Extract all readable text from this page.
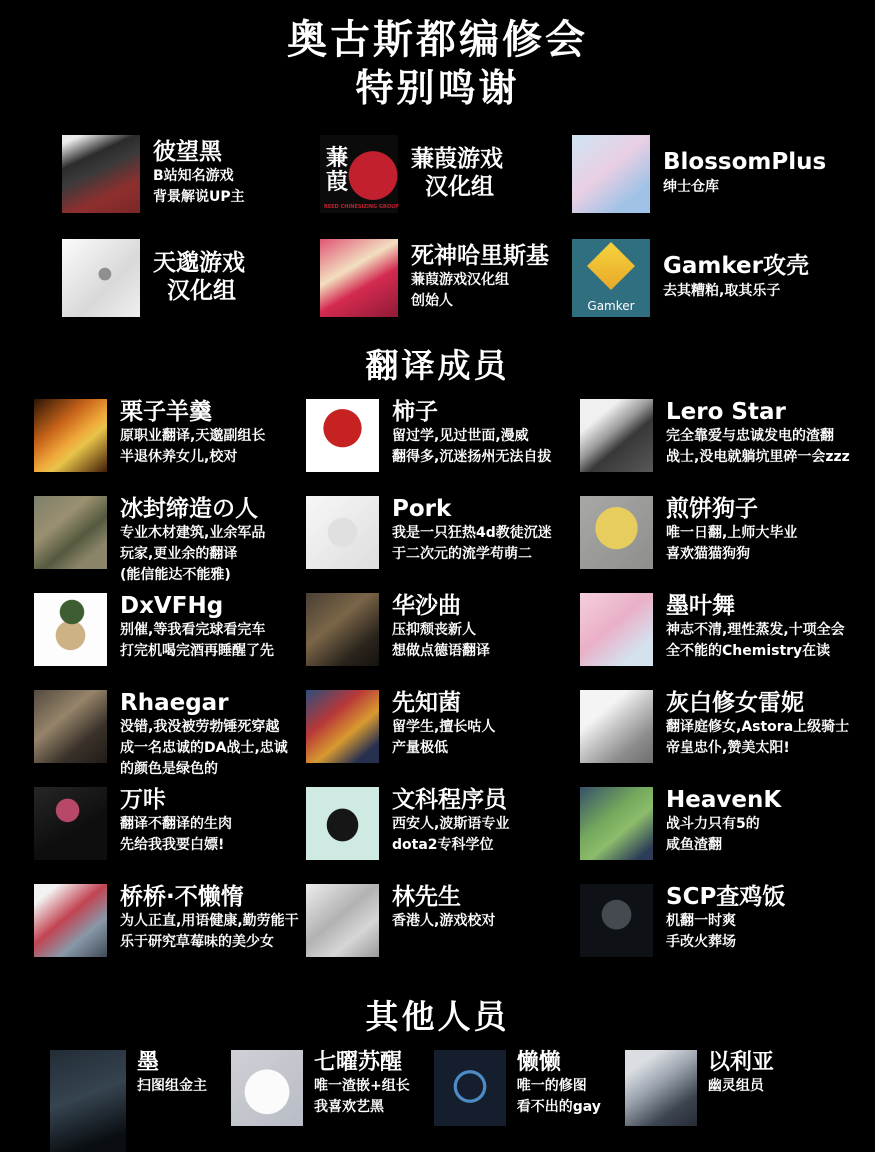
奥古斯都编修会
特别鸣谢
彼望黑
B站知名游戏
背景解说UP主
蒹葭
REED CHINESIZING GROUP
蒹葭游戏
汉化组
BlossomPlus
绅士仓库
天邈游戏
汉化组
死神哈里斯基
蒹葭游戏汉化组
创始人	Gamker
Gamker攻壳
去其糟粕,取其乐子
翻译成员
栗子羊羹
原职业翻译,天邈副组长
半退休养女儿,校对
柿子
留过学,见过世面,漫威
翻得多,沉迷扬州无法自拔
Lero Star
完全靠爱与忠诚发电的渣翻
战士,没电就躺坑里碎一会zzz
冰封缔造の人
专业木材建筑,业余军品
玩家,更业余的翻译
(能信能达不能雅)
Pork
我是一只狂热4d教徒沉迷
于二次元的流学苟萌二
煎饼狗子
唯一日翻,上师大毕业
喜欢猫猫狗狗
DxVFHg
别催,等我看完球看完车
打完机喝完酒再睡醒了先
华沙曲
压抑颓丧新人
想做点德语翻译
墨叶舞
神志不清,理性蒸发,十项全会
全不能的Chemistry在读
Rhaegar
没错,我没被劳勃锤死穿越
成一名忠诚的DA战士,忠诚
的颜色是绿色的
先知菌
留学生,擅长咕人
产量极低
灰白修女雷妮
翻译庭修女,Astora上级骑士
帝皇忠仆,赞美太阳!
万咔
翻译不翻译的生肉
先给我我要白嫖!
文科程序员
西安人,波斯语专业
dota2专科学位
HeavenK
战斗力只有5的
咸鱼渣翻
桥桥·不懒惰
为人正直,用语健康,勤劳能干
乐于研究草莓味的美少女
林先生
香港人,游戏校对
SCP查鸡饭
机翻一时爽
手改火葬场
其他人员
墨
扫图组金主
七曜苏醒
唯一渣嵌+组长
我喜欢艺黑
懒懒
唯一的修图
看不出的gay
以利亚
幽灵组员
